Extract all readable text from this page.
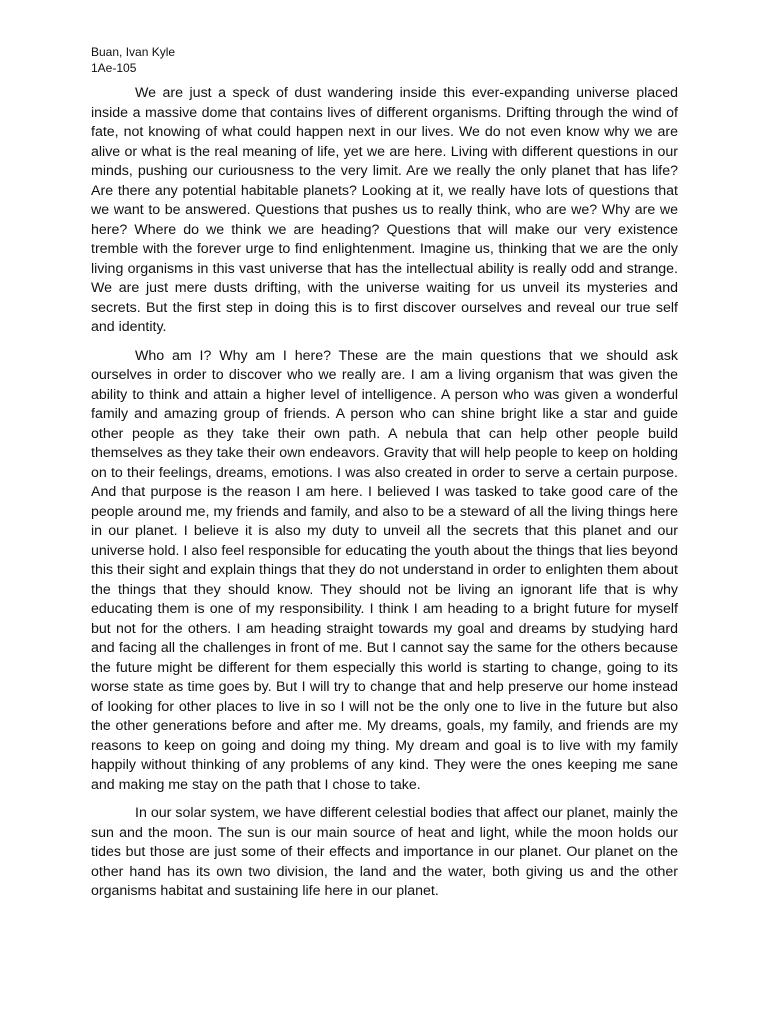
Buan, Ivan Kyle
1Ae-105

We are just a speck of dust wandering inside this ever-expanding universe placed inside a massive dome that contains lives of different organisms. Drifting through the wind of fate, not knowing of what could happen next in our lives. We do not even know why we are alive or what is the real meaning of life, yet we are here. Living with different questions in our minds, pushing our curiousness to the very limit. Are we really the only planet that has life? Are there any potential habitable planets? Looking at it, we really have lots of questions that we want to be answered. Questions that pushes us to really think, who are we? Why are we here? Where do we think we are heading? Questions that will make our very existence tremble with the forever urge to find enlightenment. Imagine us, thinking that we are the only living organisms in this vast universe that has the intellectual ability is really odd and strange. We are just mere dusts drifting, with the universe waiting for us unveil its mysteries and secrets. But the first step in doing this is to first discover ourselves and reveal our true self and identity.

Who am I? Why am I here? These are the main questions that we should ask ourselves in order to discover who we really are. I am a living organism that was given the ability to think and attain a higher level of intelligence. A person who was given a wonderful family and amazing group of friends. A person who can shine bright like a star and guide other people as they take their own path. A nebula that can help other people build themselves as they take their own endeavors. Gravity that will help people to keep on holding on to their feelings, dreams, emotions. I was also created in order to serve a certain purpose. And that purpose is the reason I am here. I believed I was tasked to take good care of the people around me, my friends and family, and also to be a steward of all the living things here in our planet. I believe it is also my duty to unveil all the secrets that this planet and our universe hold. I also feel responsible for educating the youth about the things that lies beyond this their sight and explain things that they do not understand in order to enlighten them about the things that they should know. They should not be living an ignorant life that is why educating them is one of my responsibility. I think I am heading to a bright future for myself but not for the others. I am heading straight towards my goal and dreams by studying hard and facing all the challenges in front of me. But I cannot say the same for the others because the future might be different for them especially this world is starting to change, going to its worse state as time goes by. But I will try to change that and help preserve our home instead of looking for other places to live in so I will not be the only one to live in the future but also the other generations before and after me. My dreams, goals, my family, and friends are my reasons to keep on going and doing my thing. My dream and goal is to live with my family happily without thinking of any problems of any kind. They were the ones keeping me sane and making me stay on the path that I chose to take.

In our solar system, we have different celestial bodies that affect our planet, mainly the sun and the moon. The sun is our main source of heat and light, while the moon holds our tides but those are just some of their effects and importance in our planet. Our planet on the other hand has its own two division, the land and the water, both giving us and the other organisms habitat and sustaining life here in our planet.
